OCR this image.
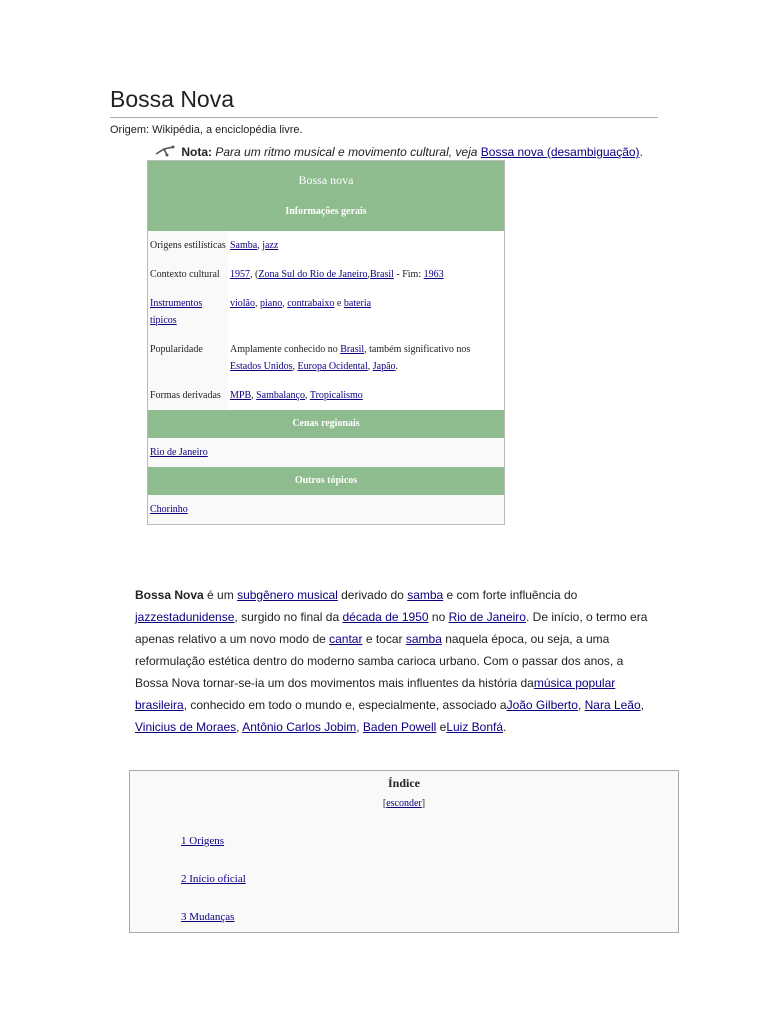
Bossa Nova
Origem: Wikipédia, a enciclopédia livre.
Nota: Para um ritmo musical e movimento cultural, veja Bossa nova (desambiguação).
Bossa nova
Informações gerais
Origens estilísticas Samba, jazz
Contexto cultural	1957, (Zona Sul do Rio de Janeiro,Brasil - Fim: 1963
Instrumentos típicos
violão, piano, contrabaixo e bateria
Popularidade	Amplamente conhecido no Brasil, também significativo nos Estados Unidos, Europa Ocidental, Japão.
Formas derivadas MPB, Sambalanço, Tropicalismo
Cenas regionais
Rio de Janeiro
Outros tópicos
Chorinho
Bossa Nova é um subgênero musical derivado do samba e com forte influência do jazzestadunidense, surgido no final da década de 1950 no Rio de Janeiro. De início, o termo era apenas relativo a um novo modo de cantar e tocar samba naquela época, ou seja, a uma reformulação estética dentro do moderno samba carioca urbano. Com o passar dos anos, a Bossa Nova tornar-se-ia um dos movimentos mais influentes da história damúsica popular brasileira, conhecido em todo o mundo e, especialmente, associado aJoão Gilberto, Nara Leão, Vinicius de Moraes, Antônio Carlos Jobim, Baden Powell eLuiz Bonfá.
Índice
[esconder]
1 Origens
2 Início oficial
3 Mudanças
